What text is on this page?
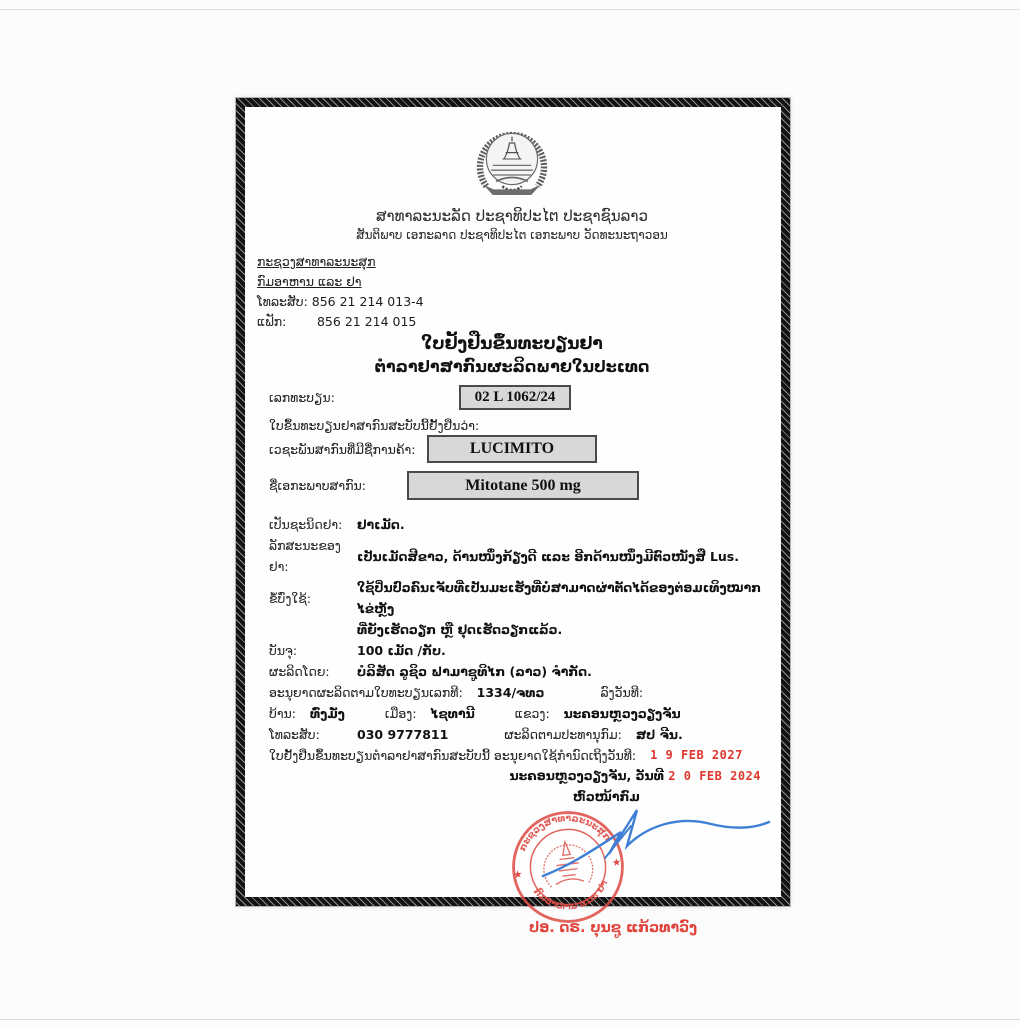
ສາທາລະນະລັດ ປະຊາທິປະໄຕ ປະຊາຊົນລາວ
ສັນຕິພາບ ເອກະລາດ ປະຊາທິປະໄຕ ເອກະພາບ ວັດທະນະຖາວອນ
ກະຊວງສາທາລະນະສຸກ
ກົມອາຫານ ແລະ ຢາ
ໂທລະສັບ: 856 21 214 013-4
ແຟັກ: 856 21 214 015
ໃບຢັ້ງຢືນຂຶ້ນທະບຽນຢາ
ຕຳລາຢາສາກົນຜະລິດພາຍໃນປະເທດ
ເລກທະບຽນ:	02 L 1062/24
ໃບຂຶ້ນທະບຽນຢາສາກົນສະບັບນີ້ຢັ້ງຢືນວ່າ:
ເວຊະພັນສາກົນທີ່ມີຊື່ການຄ້າ:	LUCIMITO
ຊື່ເອກະພາບສາກົນ:	Mitotane 500 mg
ເປັນຊະນິດຢາ:	ຢາເມັດ.
ລັກສະນະຂອງຢາ:
ເປັນເມັດສີຂາວ, ດ້ານໜຶ່ງກ້ຽງດີ ແລະ ອີກດ້ານໜຶ່ງມີຕົວໜັງສື Lus.
ຂໍ້ບົ່ງໃຊ້:
ໃຊ້ປິ່ນປົວຄົນເຈັບທີ່ເປັນມະເຮັງທີ່ບໍ່ສາມາດຜ່າຕັດໄດ້ຂອງຕ່ອມເທິງໝາກໄຂ່ຫຼັງ
ທີ່ຍັງເຮັດວຽກ ຫຼື ຢຸດເຮັດວຽກແລ້ວ.
ບັນຈຸ:	100 ເມັດ /ກັບ.
ຜະລິດໂດຍ:	ບໍລິສັດ ລູຊິວ ຟາມາຊູທິໄກ (ລາວ) ຈຳກັດ.
ອະນຸຍາດຜະລິດຕາມໃບທະບຽນເລກທີ: 1334/ຈທວ	ລົງວັນທີ:
ບ້ານ: ທົ່ງມັ່ງ	ເມືອງ: ໄຊທານີ	ແຂວງ: ນະຄອນຫຼວງວຽງຈັນ
ໂທລະສັບ:	030 9777811	ຜະລິດຕາມປະທານຸກົມ: ສປ ຈີນ.
ໃບຢັ້ງຢືນຂຶ້ນທະບຽນຕຳລາຢາສາກົນສະບັບນີ້ ອະນຸຍາດໃຊ້ກຳນົດເຖິງວັນທີ: 1 9 FEB 2027
ນະຄອນຫຼວງວຽງຈັນ, ວັນທີ 2 0 FEB 2024
ຫົວໜ້າກົມ
ກະຊວງສາທາລະນະສຸກ
ກົມອາຫານ ແລະ ຢາ
★
★
ປອ. ດຣ. ບຸນຊູ ແກ້ວທາວົງ
